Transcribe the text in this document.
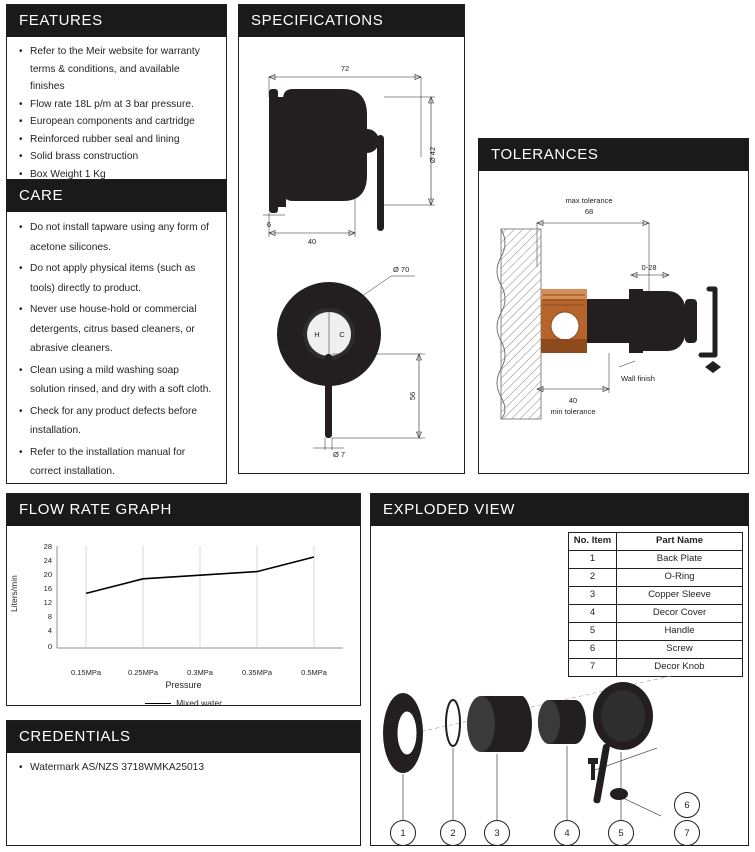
FEATURES
• Refer to the Meir website for warranty terms & conditions, and available finishes
• Flow rate 18L p/m at 3 bar pressure.
• European components and cartridge
• Reinforced rubber seal and lining
• Solid brass construction
• Box Weight 1 Kg
CARE
• Do not install tapware using any form of acetone silicones.
• Do not apply physical items (such as tools) directly to product.
• Never use house-hold or commercial detergents, citrus based cleaners, or abrasive cleaners.
• Clean using a mild washing soap solution rinsed, and dry with a soft cloth.
• Check for any product defects before installation.
• Refer to the installation manual for correct installation.
SPECIFICATIONS
Ø 42
40
6
72
H	C
Ø 70
56
Ø 7
TOLERANCES
max tolerance
68
0-28
40
min tolerance
Wall finish
FLOW RATE GRAPH
Liters/min
28
24
20
16
12
8
4
0
0.15MPa	0.25MPa	0.3MPa	0.35MPa	0.5MPa
Pressure
Mixed water
CREDENTIALS
• Watermark AS/NZS 3718WMKA25013
EXPLODED VIEW
No. Item	Part Name
1	Back Plate
2	O-Ring
3	Copper Sleeve
4	Decor Cover
5	Handle
6	Screw
7	Decor Knob
1	2	3	4	5
6
7
